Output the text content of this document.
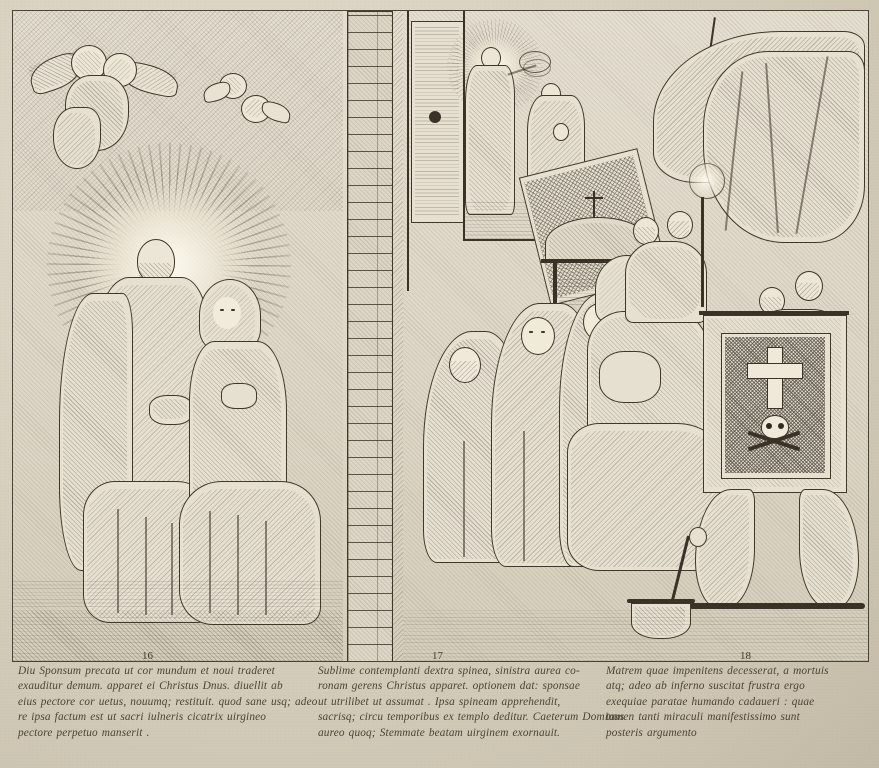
16
Diu Sponsum precata ut cor mundum et noui traderet
exauditur demum. apparet ei Christus Dnus. diuellit ab
eius pectore cor uetus, nouumq; restituit. quod sane usq; adeo
re ipsa factum est ut sacri iulneris cicatrix uirgineo
pectore perpetuo manserit .
17
Sublime contemplanti dextra spinea, sinistra aurea co-
ronam gerens Christus apparet. optionem dat: sponsae
ut utrilibet ut assumat . Ipsa spineam apprehendit,
sacrisq; circu temporibus ex templo deditur. Caeterum Dominus
aureo quoq; Stemmate beatam uirginem exornauit.
18
Matrem quae impenitens decesserat, a mortuis
atq; adeo ab inferno suscitat frustra ergo
exequiae paratae humando cadaueri : quae
tamen tanti miraculi manifestissimo sunt
posteris argumento
